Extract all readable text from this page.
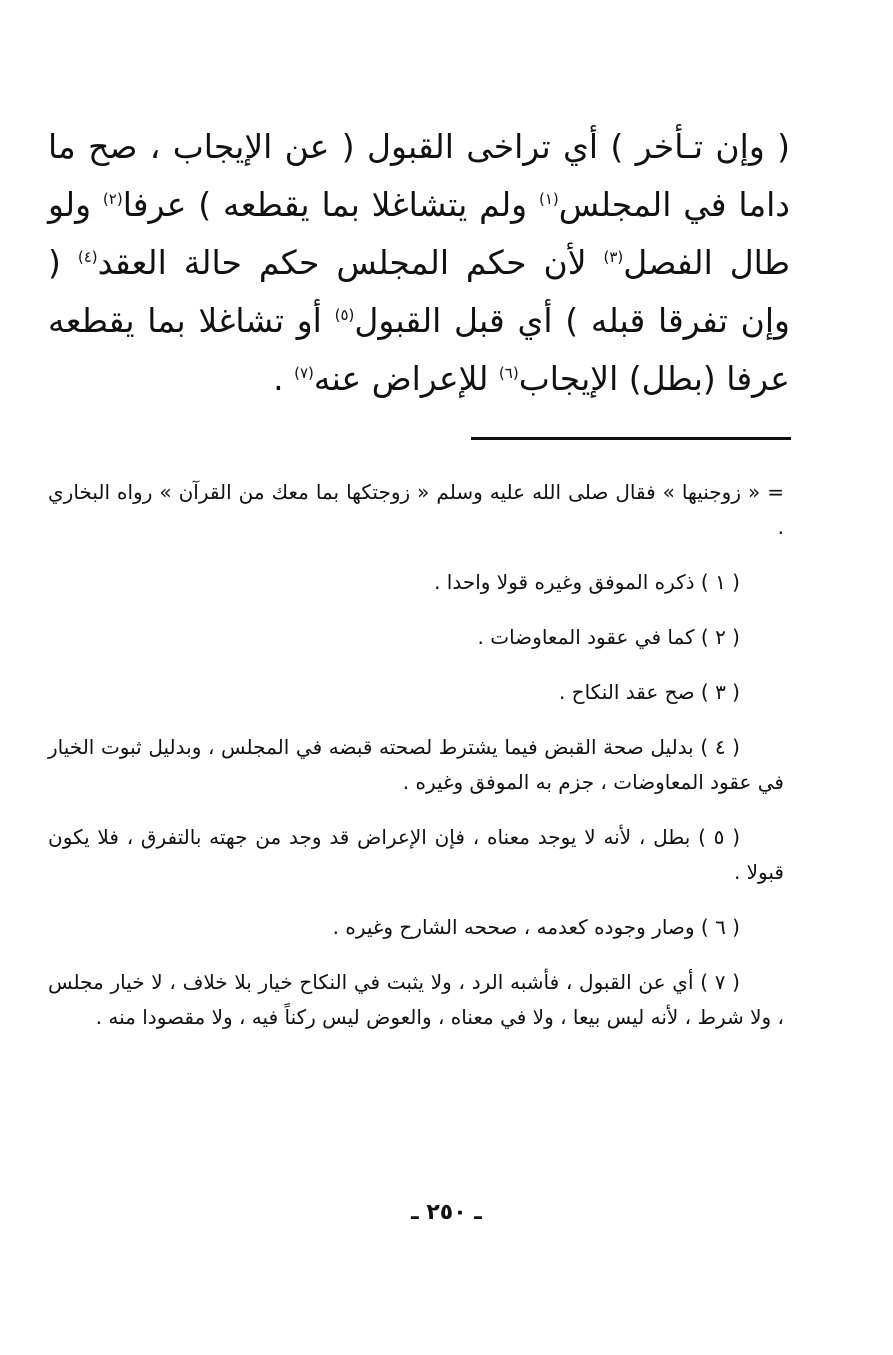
( وإن تـأخر ) أي تراخى القبول ( عن الإيجاب ، صح ما داما في المجلس$^{(١)}$ ولم يتشاغلا بما يقطعه ) عرفا$^{(٢)}$ ولو طال الفصل$^{(٣)}$ لأن حكم المجلس حكم حالة العقد$^{(٤)}$ ( وإن تفرقا قبله ) أي قبل القبول$^{(٥)}$ أو تشاغلا بما يقطعه عرفا (بطل) الإيجاب$^{(٦)}$ للإعراض عنه$^{(٧)}$ .

= « زوجنيها » فقال صلى الله عليه وسلم « زوجتكها بما معك من القرآن » رواه البخاري .

( ١ ) ذكره الموفق وغيره قولا واحدا .

( ٢ ) كما في عقود المعاوضات .

( ٣ ) صح عقد النكاح .

( ٤ ) بدليل صحة القبض فيما يشترط لصحته قبضه في المجلس ، وبدليل ثبوت الخيار في عقود المعاوضات ، جزم به الموفق وغيره .

( ٥ ) بطل ، لأنه لا يوجد معناه ، فإن الإعراض قد وجد من جهته بالتفرق ، فلا يكون قبولا .

( ٦ ) وصار وجوده كعدمه ، صححه الشارح وغيره .

( ٧ ) أي عن القبول ، فأشبه الرد ، ولا يثبت في النكاح خيار بلا خلاف ، لا خيار مجلس ، ولا شرط ، لأنه ليس بيعا ، ولا في معناه ، والعوض ليس ركناً فيه ، ولا مقصودا منه .

ـ ٢٥٠ ـ
